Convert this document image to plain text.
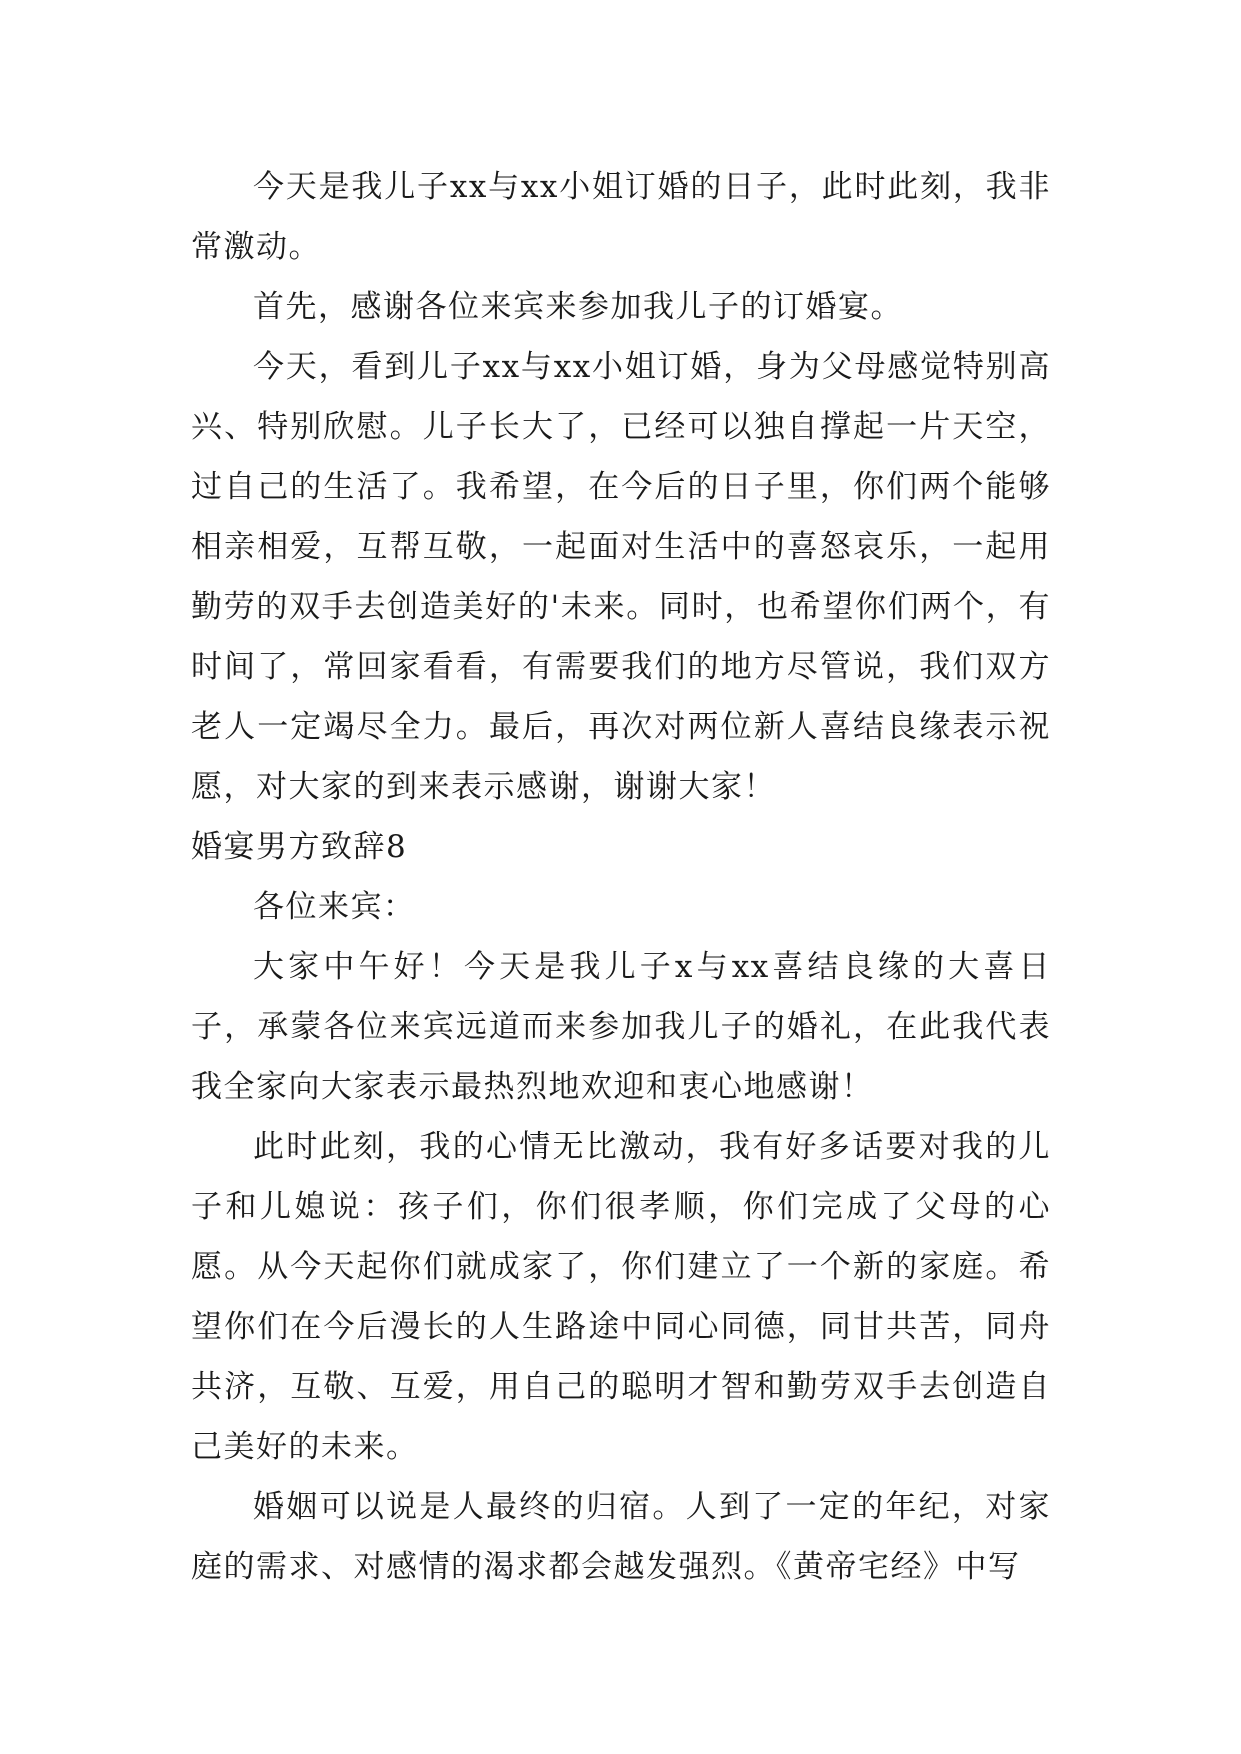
今天是我儿子xx与xx小姐订婚的日子，此时此刻，我非常激动。

首先，感谢各位来宾来参加我儿子的订婚宴。

今天，看到儿子xx与xx小姐订婚，身为父母感觉特别高兴、特别欣慰。儿子长大了，已经可以独自撑起一片天空，过自己的生活了。我希望，在今后的日子里，你们两个能够相亲相爱，互帮互敬，一起面对生活中的喜怒哀乐，一起用勤劳的双手去创造美好的'未来。同时，也希望你们两个，有时间了，常回家看看，有需要我们的地方尽管说，我们双方老人一定竭尽全力。最后，再次对两位新人喜结良缘表示祝愿，对大家的到来表示感谢，谢谢大家！

婚宴男方致辞8

各位来宾：

大家中午好！今天是我儿子x与xx喜结良缘的大喜日子，承蒙各位来宾远道而来参加我儿子的婚礼，在此我代表我全家向大家表示最热烈地欢迎和衷心地感谢！

此时此刻，我的心情无比激动，我有好多话要对我的儿子和儿媳说：孩子们，你们很孝顺，你们完成了父母的心愿。从今天起你们就成家了，你们建立了一个新的家庭。希望你们在今后漫长的人生路途中同心同德，同甘共苦，同舟共济，互敬、互爱，用自己的聪明才智和勤劳双手去创造自己美好的未来。

婚姻可以说是人最终的归宿。人到了一定的年纪，对家庭的需求、对感情的渴求都会越发强烈。《黄帝宅经》中写
